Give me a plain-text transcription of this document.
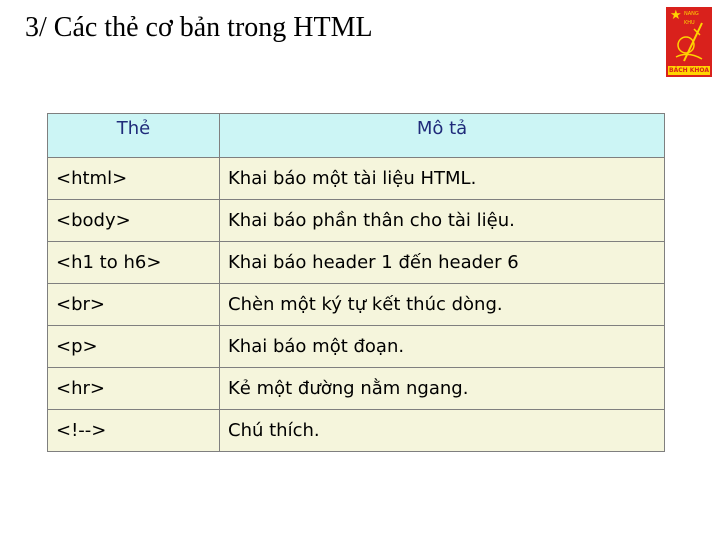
3/ Các thẻ cơ bản trong HTML	★ NANG KHU
BÁCH KHOA
Thẻ	Mô tả
<html>	Khai báo một tài liệu HTML.
<body>	Khai báo phần thân cho tài liệu.
<h1 to h6>	Khai báo header 1 đến header 6
<br>	Chèn một ký tự kết thúc dòng.
<p>	Khai báo một đoạn.
<hr>	Kẻ một đường nằm ngang.
<!-->	Chú thích.
